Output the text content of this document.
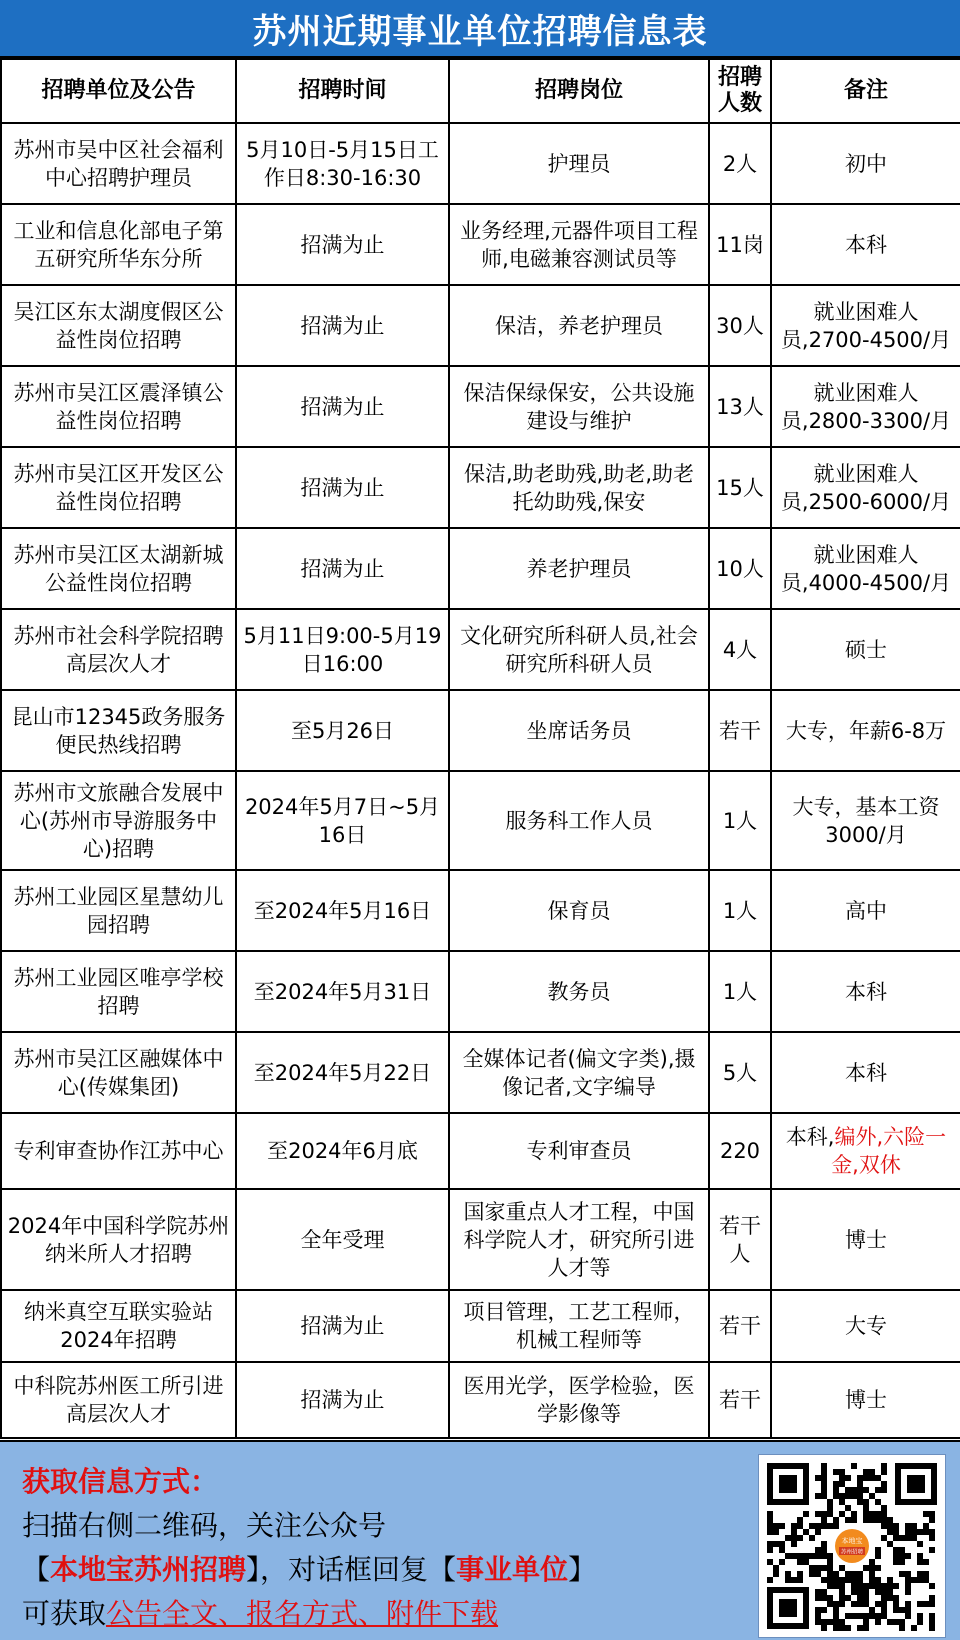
苏州近期事业单位招聘信息表
招聘单位及公告	招聘时间	招聘岗位	招聘人数	备注
苏州市吴中区社会福利中心招聘护理员	5月10日-5月15日工作日8:30-16:30	护理员	2人	初中
工业和信息化部电子第五研究所华东分所	招满为止	业务经理,元器件项目工程师,电磁兼容测试员等	11岗	本科
吴江区东太湖度假区公益性岗位招聘	招满为止	保洁，养老护理员	30人	就业困难人员,2700-4500/月
苏州市吴江区震泽镇公益性岗位招聘	招满为止	保洁保绿保安，公共设施建设与维护	13人	就业困难人员,2800-3300/月
苏州市吴江区开发区公益性岗位招聘	招满为止	保洁,助老助残,助老,助老托幼助残,保安	15人	就业困难人员,2500-6000/月
苏州市吴江区太湖新城公益性岗位招聘	招满为止	养老护理员	10人	就业困难人员,4000-4500/月
苏州市社会科学院招聘高层次人才	5月11日9:00-5月19日16:00	文化研究所科研人员,社会研究所科研人员	4人	硕士
昆山市12345政务服务便民热线招聘	至5月26日	坐席话务员	若干	大专，年薪6-8万
苏州市文旅融合发展中心(苏州市导游服务中心)招聘	2024年5月7日~5月16日	服务科工作人员	1人	大专，基本工资3000/月
苏州工业园区星慧幼儿园招聘	至2024年5月16日	保育员	1人	高中
苏州工业园区唯亭学校招聘	至2024年5月31日	教务员	1人	本科
苏州市吴江区融媒体中心(传媒集团)	至2024年5月22日	全媒体记者(偏文字类),摄像记者,文字编导	5人	本科
专利审查协作江苏中心	至2024年6月底	专利审查员	220	本科,编外,六险一金,双休
2024年中国科学院苏州纳米所人才招聘	全年受理	国家重点人才工程，中国科学院人才，研究所引进人才等	若干人	博士
纳米真空互联实验站2024年招聘	招满为止	项目管理，工艺工程师，机械工程师等	若干	大专
中科院苏州医工所引进高层次人才	招满为止	医用光学，医学检验，医学影像等	若干	博士
获取信息方式：
扫描右侧二维码，关注公众号
【本地宝苏州招聘】，对话框回复【事业单位】
可获取公告全文、报名方式、附件下载
本地宝
苏州招聘
